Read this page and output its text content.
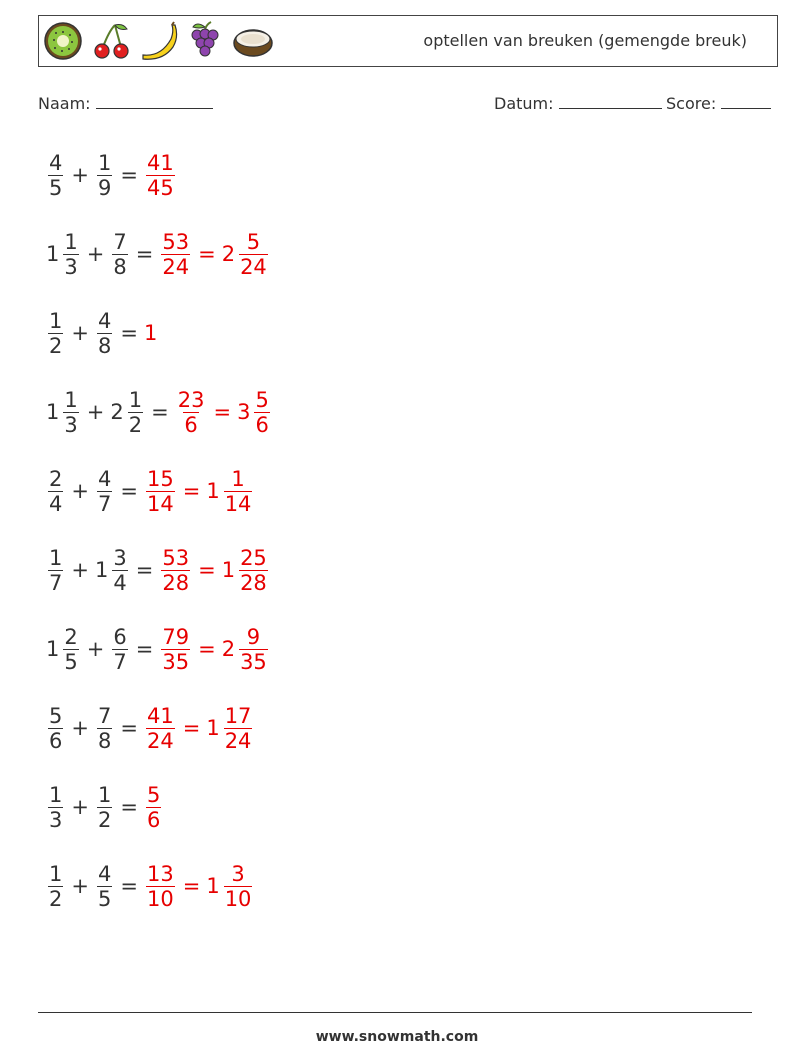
optellen van breuken (gemengde breuk)
Naam:	Datum:	Score:
$\frac{4}{5} + \frac{1}{9} = \frac{41}{45}$
$1 \frac{1}{3} + \frac{7}{8} = \frac{53}{24} = 2 \frac{5}{24}$
$\frac{1}{2} + \frac{4}{8} = 1$
$1 \frac{1}{3} + 2 \frac{1}{2} = \frac{23}{6} = 3 \frac{5}{6}$
$\frac{2}{4} + \frac{4}{7} = \frac{15}{14} = 1 \frac{1}{14}$
$\frac{1}{7} + 1 \frac{3}{4} = \frac{53}{28} = 1 \frac{25}{28}$
$1 \frac{2}{5} + \frac{6}{7} = \frac{79}{35} = 2 \frac{9}{35}$
$\frac{5}{6} + \frac{7}{8} = \frac{41}{24} = 1 \frac{17}{24}$
$\frac{1}{3} + \frac{1}{2} = \frac{5}{6}$
$\frac{1}{2} + \frac{4}{5} = \frac{13}{10} = 1 \frac{3}{10}$
www.snowmath.com
